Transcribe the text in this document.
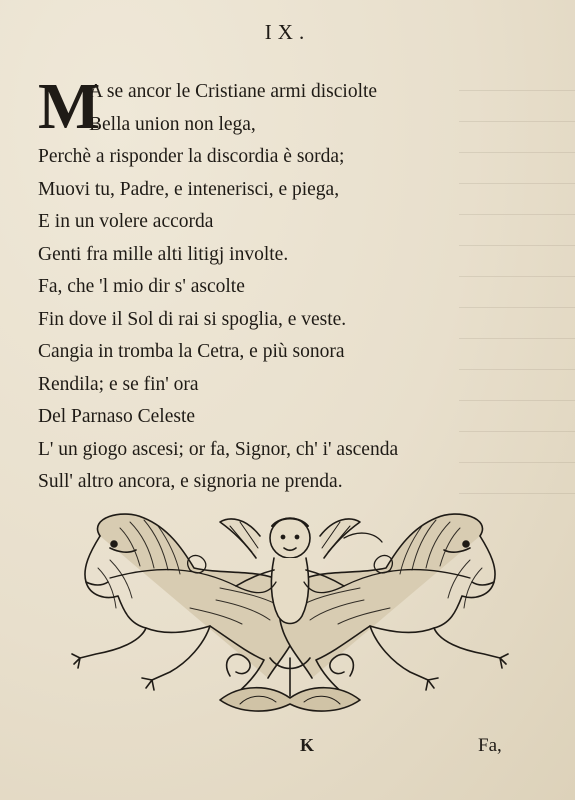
IX.
M
A se ancor le Cristiane armi disciolte
Bella union non lega,
Perchè a risponder la discordia è sorda;
Muovi tu, Padre, e intenerisci, e piega,
E in un volere accorda
Genti fra mille alti litigj involte.
Fa, che 'l mio dir s' ascolte
Fin dove il Sol di rai si spoglia, e veste.
Cangia in tromba la Cetra, e più sonora
Rendila; e se fin' ora
Del Parnaso Celeste
L' un giogo ascesi; or fa, Signor, ch' i' ascenda
Sull' altro ancora, e signoria ne prenda.
K	Fa,
